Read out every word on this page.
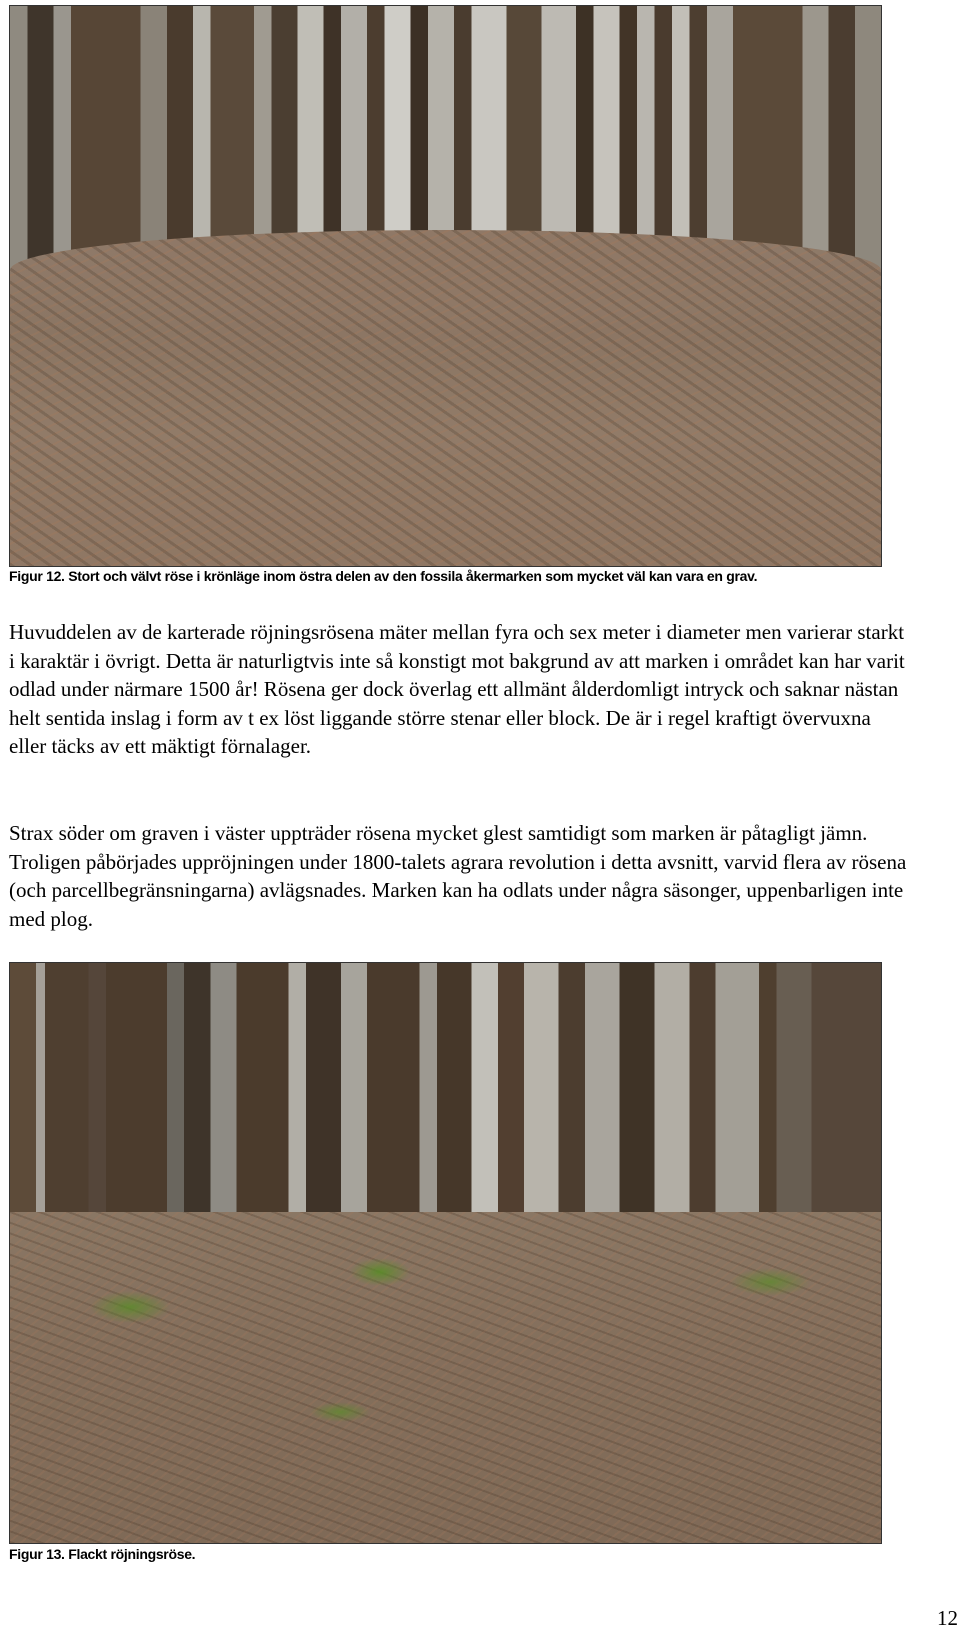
Figur 12. Stort och välvt röse i krönläge inom östra delen av den fossila åkermarken som mycket väl kan vara en grav.

Huvuddelen av de karterade röjningsrösena mäter mellan fyra och sex meter i diameter men varierar starkt i karaktär i övrigt. Detta är naturligtvis inte så konstigt mot bakgrund av att marken i området kan har varit odlad under närmare 1500 år! Rösena ger dock överlag ett allmänt ålderdomligt intryck och saknar nästan helt sentida inslag i form av t ex löst liggande större stenar eller block. De är i regel kraftigt övervuxna eller täcks av ett mäktigt förnalager.

Strax söder om graven i väster uppträder rösena mycket glest samtidigt som marken är påtagligt jämn. Troligen påbörjades uppröjningen under 1800-talets agrara revolution i detta avsnitt, varvid flera av rösena (och parcellbegränsningarna) avlägsnades. Marken kan ha odlats under några säsonger, uppenbarligen inte med plog.

Figur 13. Flackt röjningsröse.

12
